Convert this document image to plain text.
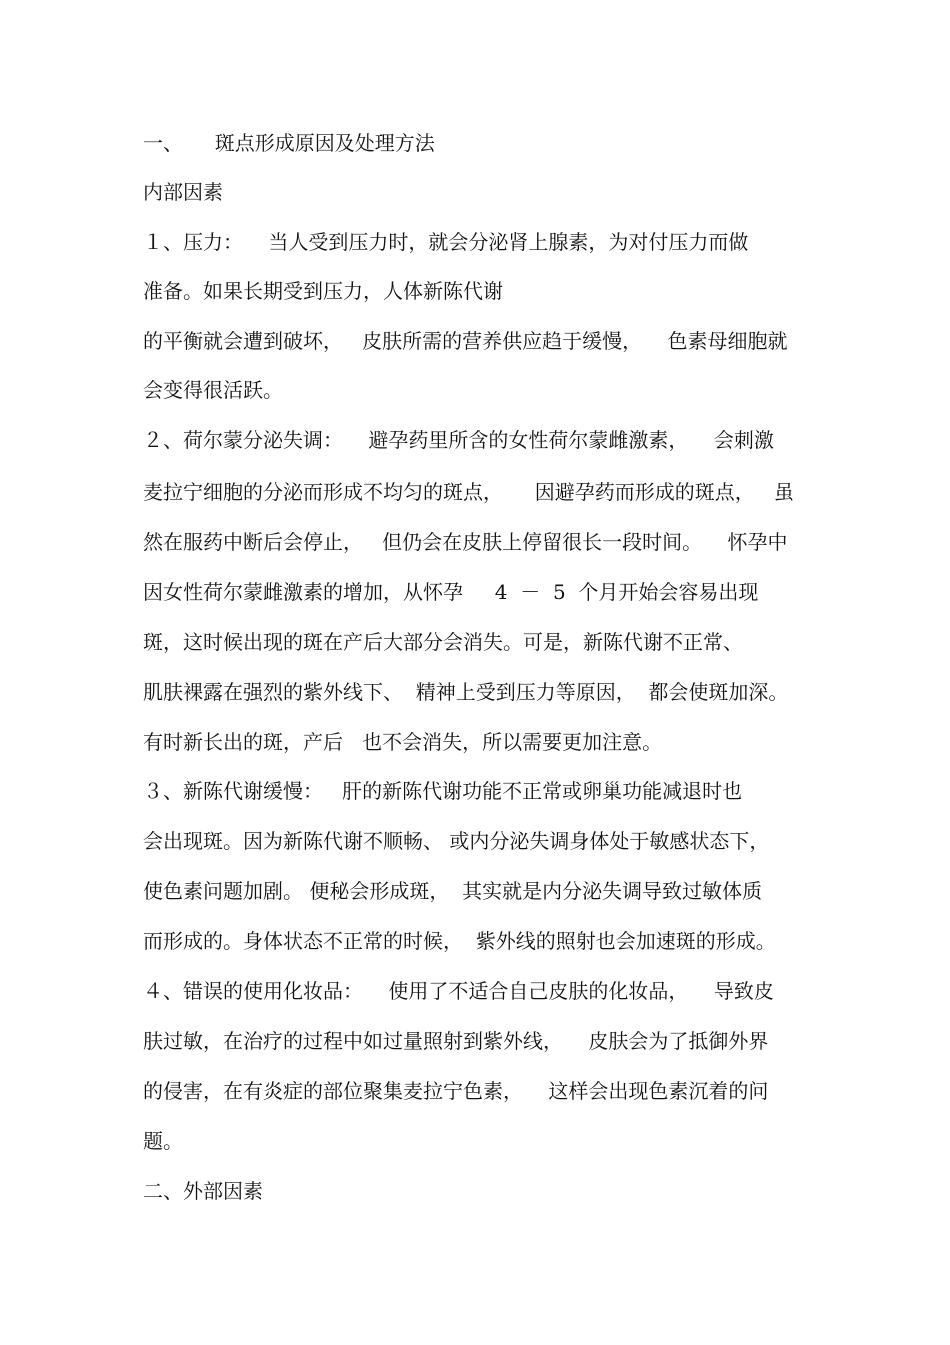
一、     斑点形成原因及处理方法
内部因素
１、压力：    当人受到压力时，就会分泌肾上腺素，为对付压力而做
准备。如果长期受到压力，人体新陈代谢
的平衡就会遭到破坏，   皮肤所需的营养供应趋于缓慢，    色素母细胞就
会变得很活跃。
２、荷尔蒙分泌失调：    避孕药里所含的女性荷尔蒙雌激素，    会刺激
麦拉宁细胞的分泌而形成不均匀的斑点，     因避孕药而形成的斑点，   虽
然在服药中断后会停止，   但仍会在皮肤上停留很长一段时间。    怀孕中
因女性荷尔蒙雌激素的增加，从怀孕     4  －  5  个月开始会容易出现
斑，这时候出现的斑在产后大部分会消失。可是，新陈代谢不正常、
肌肤裸露在强烈的紫外线下、  精神上受到压力等原因，  都会使斑加深。
有时新长出的斑，产后   也不会消失，所以需要更加注意。
３、新陈代谢缓慢：   肝的新陈代谢功能不正常或卵巢功能减退时也
会出现斑。因为新陈代谢不顺畅、 或内分泌失调身体处于敏感状态下，
使色素问题加剧。 便秘会形成斑，  其实就是内分泌失调导致过敏体质
而形成的。身体状态不正常的时候，  紫外线的照射也会加速斑的形成。
４、错误的使用化妆品：    使用了不适合自己皮肤的化妆品，    导致皮
肤过敏，在治疗的过程中如过量照射到紫外线，    皮肤会为了抵御外界
的侵害，在有炎症的部位聚集麦拉宁色素，    这样会出现色素沉着的问
题。
二、外部因素
